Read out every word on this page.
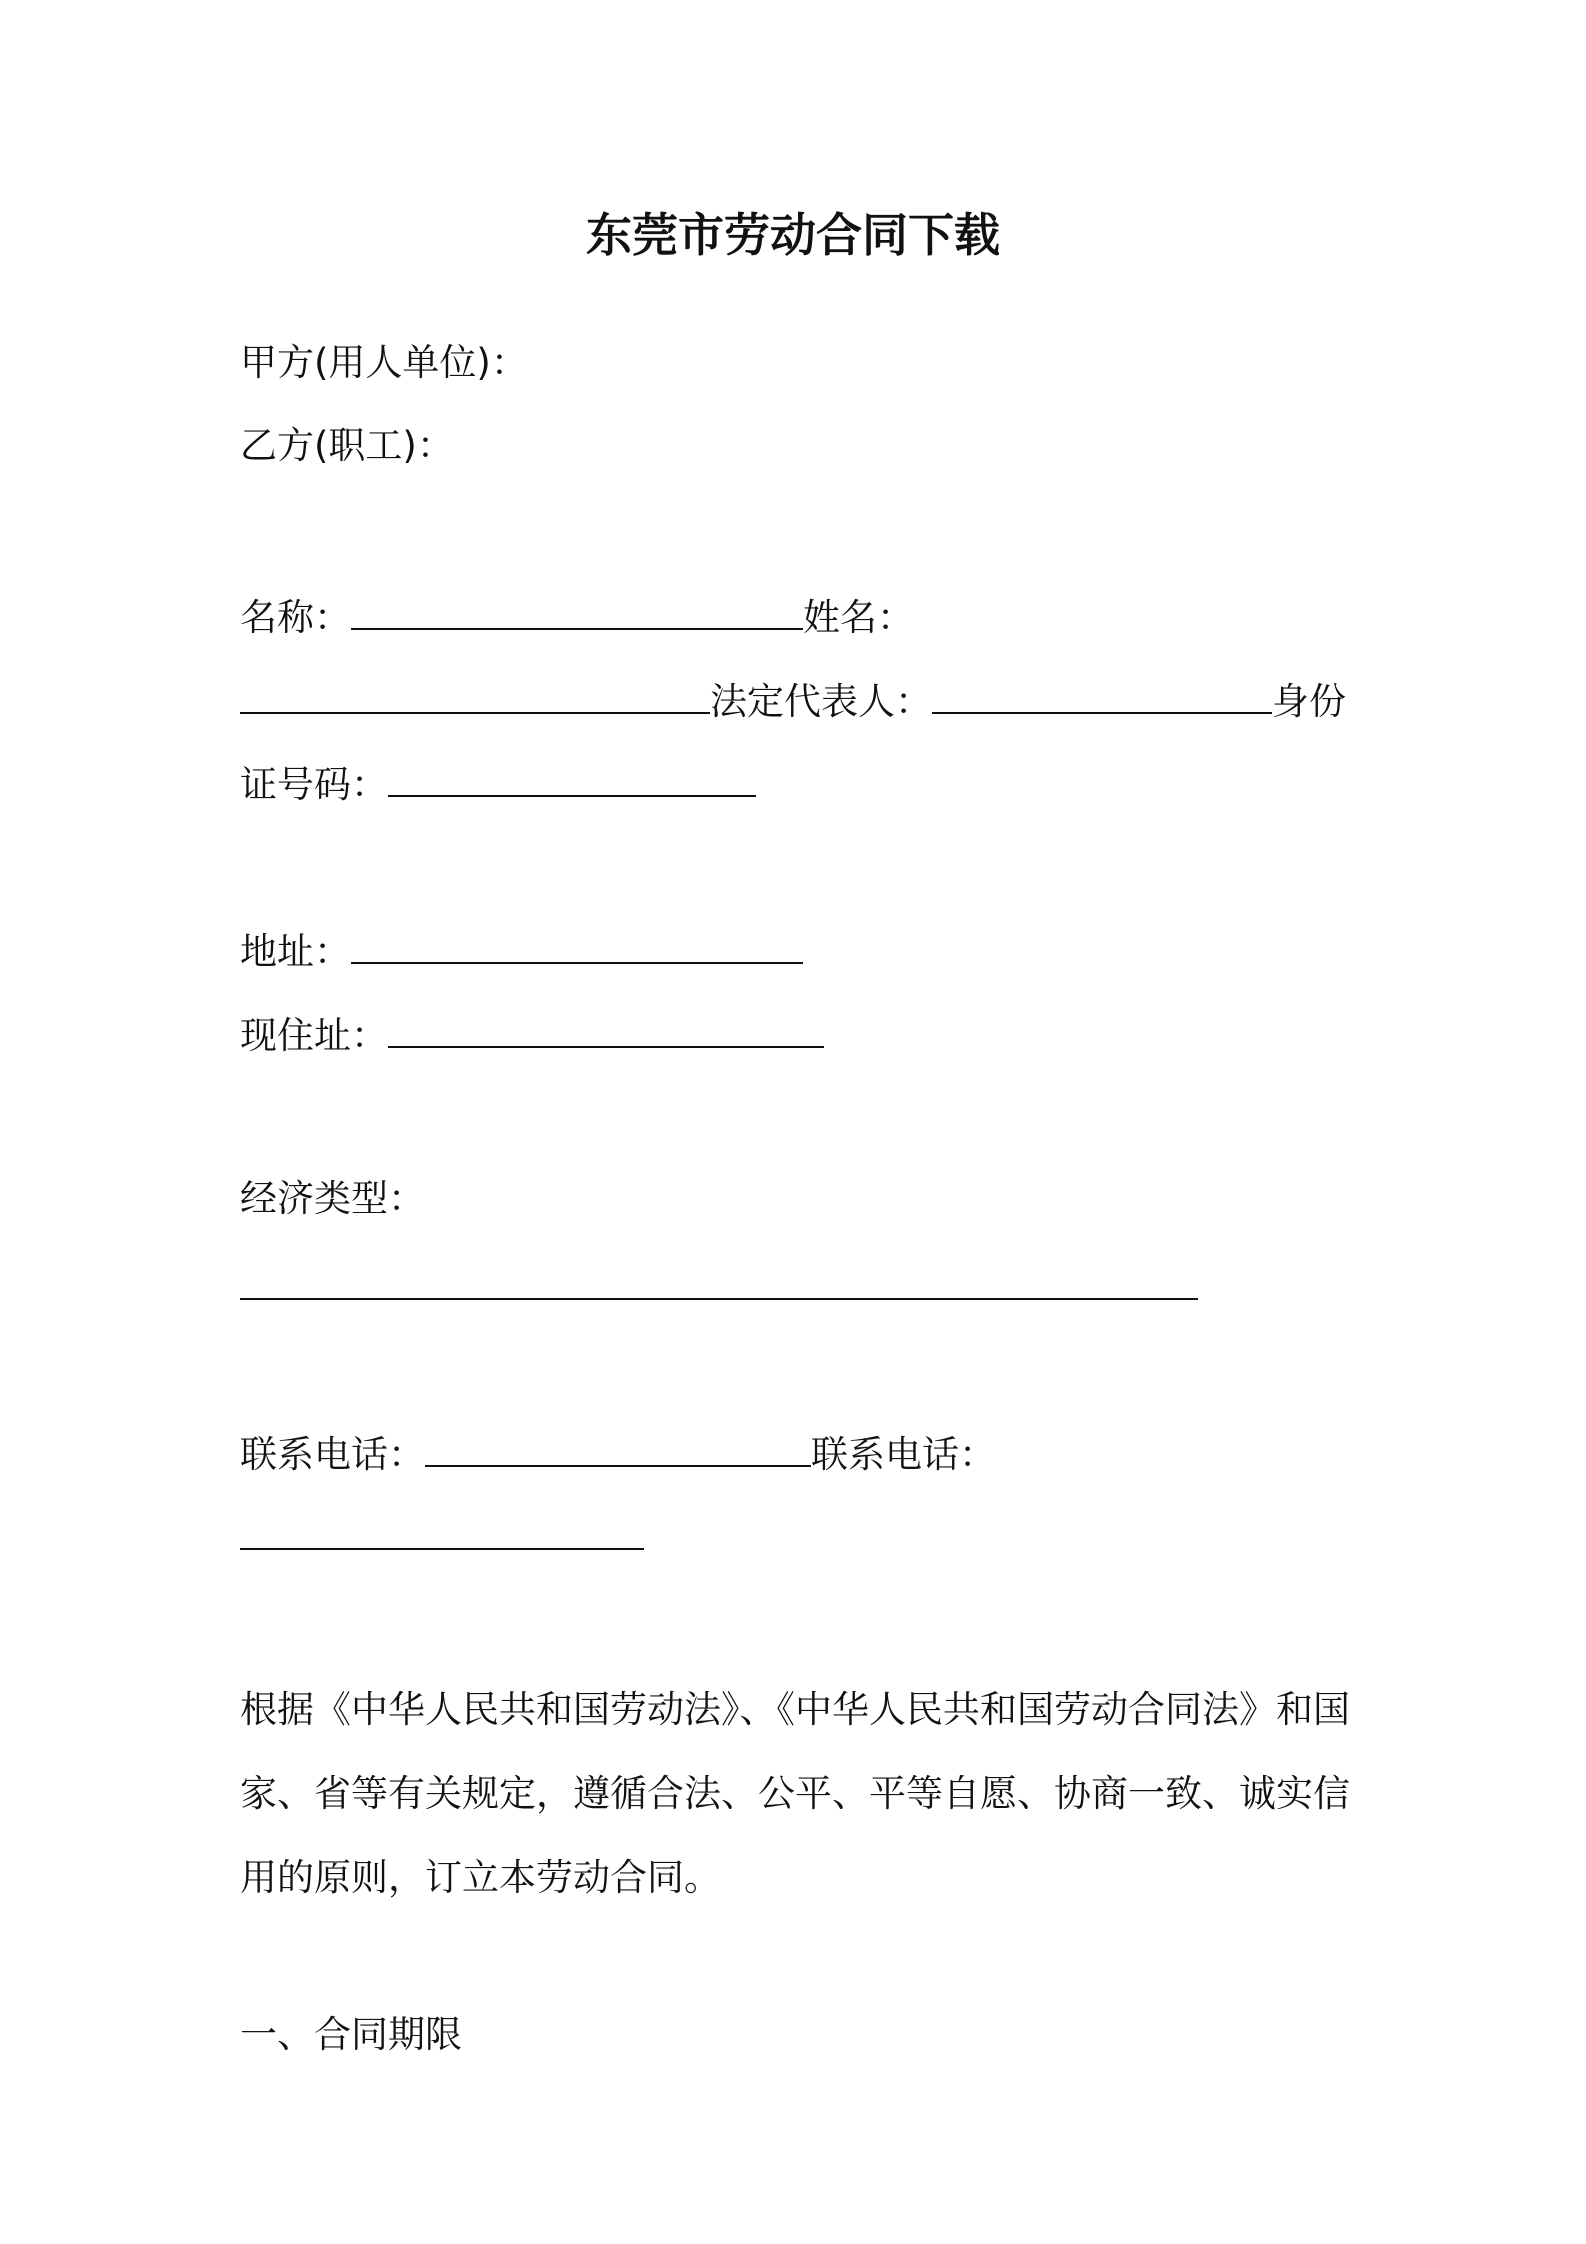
东莞市劳动合同下载
甲方(用人单位)：
乙方(职工)：
名称：	姓名：
法定代表人：	身份
证号码：
地址：
现住址：
经济类型：
联系电话：	联系电话：
根据《中华人民共和国劳动法》、《中华人民共和国劳动合同法》和国
家、省等有关规定，遵循合法、公平、平等自愿、协商一致、诚实信
用的原则，订立本劳动合同。
一、合同期限
